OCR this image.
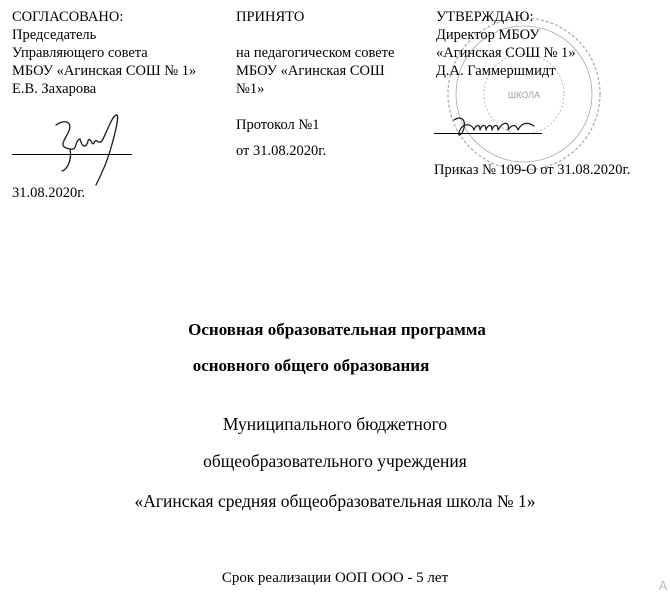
ШКОЛА
СОГЛАСОВАНО:
Председатель
Управляющего совета
МБОУ «Агинская СОШ № 1»
Е.В. Захарова
31.08.2020г.
ПРИНЯТО
на педагогическом совете
МБОУ «Агинская СОШ
№1»
Протокол №1
от 31.08.2020г.
УТВЕРЖДАЮ:
Директор МБОУ
«Агинская СОШ № 1»
Д.А. Гаммершмидт
Приказ № 109-О от 31.08.2020г.
Основная образовательная программа
основного общего образования
Муниципального бюджетного
общеобразовательного учреждения
«Агинская средняя общеобразовательная школа № 1»
Срок реализации ООП ООО - 5 лет	A
